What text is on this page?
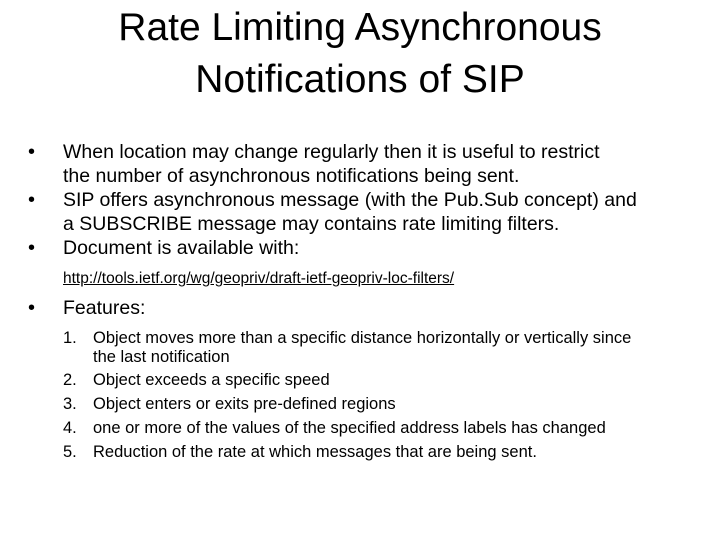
Rate Limiting Asynchronous
Notifications of SIP
•	When location may change regularly then it is useful to restrict
the number of asynchronous notifications being sent.
•	SIP offers asynchronous message (with the Pub.Sub concept) and
a SUBSCRIBE message may contains rate limiting filters.
•	Document is available with:
http://tools.ietf.org/wg/geopriv/draft-ietf-geopriv-loc-filters/
•	Features:
1. Object moves more than a specific distance horizontally or vertically since
the last notification
2. Object exceeds a specific speed
3. Object enters or exits pre-defined regions
4. one or more of the values of the specified address labels has changed
5. Reduction of the rate at which messages that are being sent.
